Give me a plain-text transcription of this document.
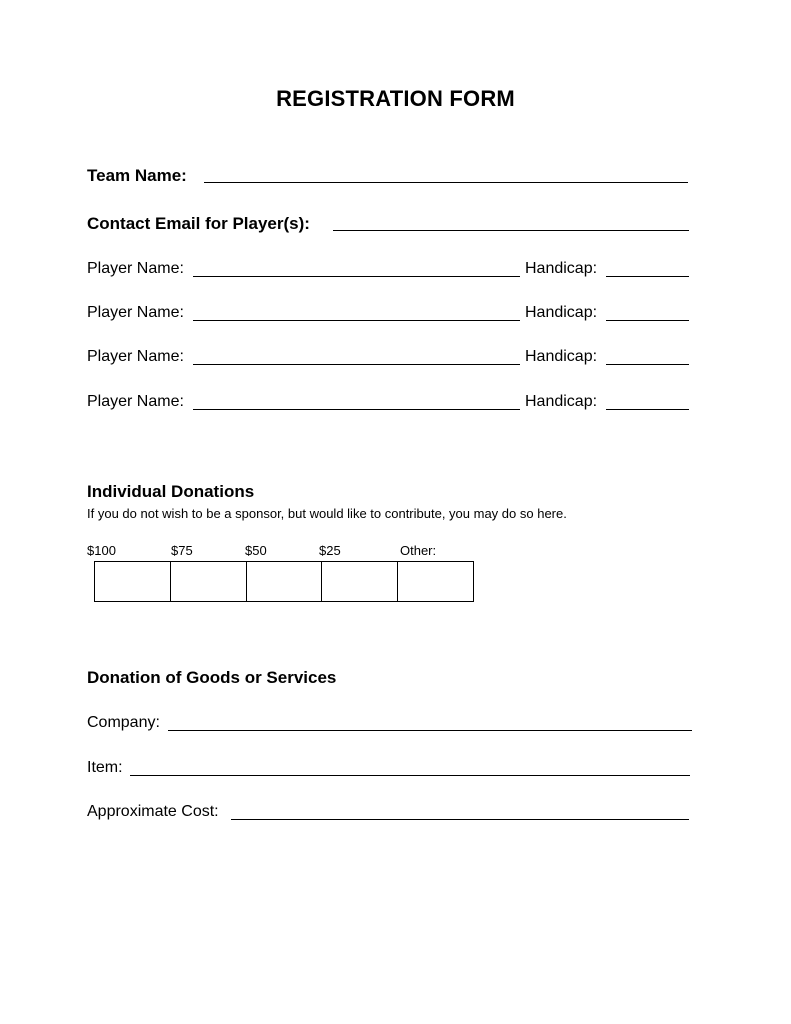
REGISTRATION FORM
Team Name:
Contact Email for Player(s):
Player Name:	Handicap:
Player Name:	Handicap:
Player Name:	Handicap:
Player Name:	Handicap:
Individual Donations
If you do not wish to be a sponsor, but would like to contribute, you may do so here.
$100	$75	$50	$25	Other:
Donation of Goods or Services
Company:
Item:
Approximate Cost:
